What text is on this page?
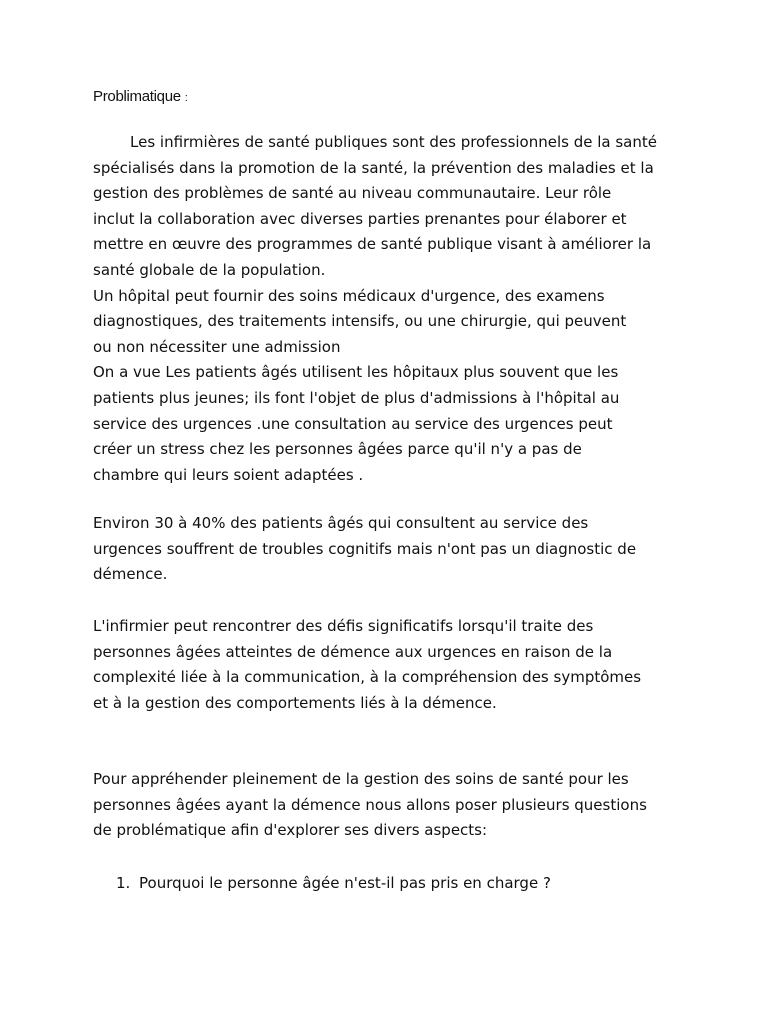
Problimatique :
Les infirmières de santé publiques sont des professionnels de la santé
spécialisés dans la promotion de la santé, la prévention des maladies et la
gestion des problèmes de santé au niveau communautaire. Leur rôle
inclut la collaboration avec diverses parties prenantes pour élaborer et
mettre en œuvre des programmes de santé publique visant à améliorer la
santé globale de la population.
Un hôpital peut fournir des soins médicaux d'urgence, des examens
diagnostiques, des traitements intensifs, ou une chirurgie, qui peuvent
ou non nécessiter une admission
On a vue Les patients âgés utilisent les hôpitaux plus souvent que les
patients plus jeunes; ils font l'objet de plus d'admissions à l'hôpital au
service des urgences .une consultation au service des urgences peut
créer un stress chez les personnes âgées parce qu'il n'y a pas de
chambre qui leurs soient adaptées .
Environ 30 à 40% des patients âgés qui consultent au service des
urgences souffrent de troubles cognitifs mais n'ont pas un diagnostic de
démence.
L'infirmier peut rencontrer des défis significatifs lorsqu'il traite des
personnes âgées atteintes de démence aux urgences en raison de la
complexité liée à la communication, à la compréhension des symptômes
et à la gestion des comportements liés à la démence.
Pour appréhender pleinement de la gestion des soins de santé pour les
personnes âgées ayant la démence nous allons poser plusieurs questions
de problématique afin d'explorer ses divers aspects:
1. Pourquoi le personne âgée n'est-il pas pris en charge ?
